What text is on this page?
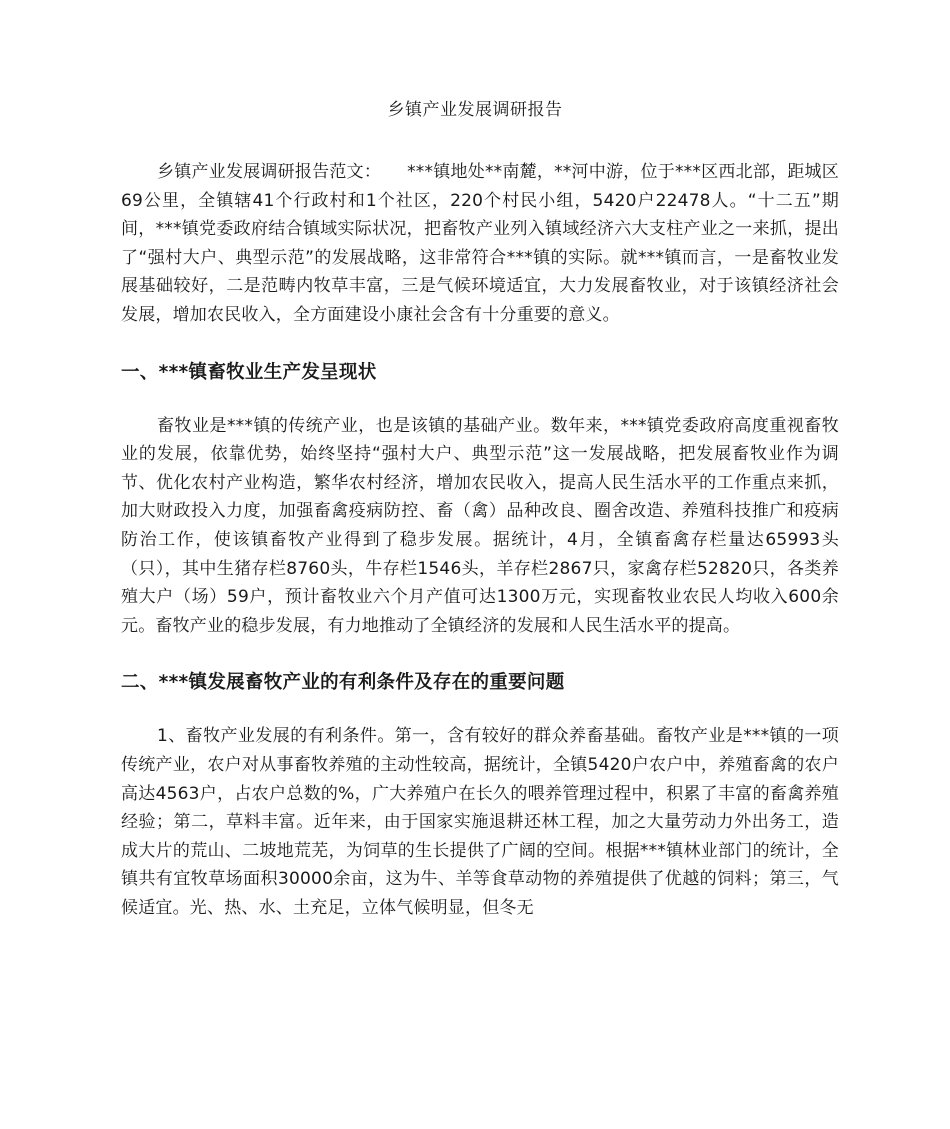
乡镇产业发展调研报告

乡镇产业发展调研报告范文：　　***镇地处**南麓，**河中游，位于***区西北部，距城区69公里，全镇辖41个行政村和1个社区，220个村民小组，5420户22478人。“十二五”期间，***镇党委政府结合镇域实际状况，把畜牧产业列入镇域经济六大支柱产业之一来抓，提出了“强村大户、典型示范”的发展战略，这非常符合***镇的实际。就***镇而言，一是畜牧业发展基础较好，二是范畴内牧草丰富，三是气候环境适宜，大力发展畜牧业，对于该镇经济社会发展，增加农民收入，全方面建设小康社会含有十分重要的意义。

一、***镇畜牧业生产发呈现状

畜牧业是***镇的传统产业，也是该镇的基础产业。数年来，***镇党委政府高度重视畜牧业的发展，依靠优势，始终坚持“强村大户、典型示范”这一发展战略，把发展畜牧业作为调节、优化农村产业构造，繁华农村经济，增加农民收入，提高人民生活水平的工作重点来抓，加大财政投入力度，加强畜禽疫病防控、畜（禽）品种改良、圈舍改造、养殖科技推广和疫病防治工作，使该镇畜牧产业得到了稳步发展。据统计，4月，全镇畜禽存栏量达65993头（只），其中生猪存栏8760头，牛存栏1546头，羊存栏2867只，家禽存栏52820只，各类养殖大户（场）59户，预计畜牧业六个月产值可达1300万元，实现畜牧业农民人均收入600余元。畜牧产业的稳步发展，有力地推动了全镇经济的发展和人民生活水平的提高。

二、***镇发展畜牧产业的有利条件及存在的重要问题

1、畜牧产业发展的有利条件。第一，含有较好的群众养畜基础。畜牧产业是***镇的一项传统产业，农户对从事畜牧养殖的主动性较高，据统计，全镇5420户农户中，养殖畜禽的农户高达4563户，占农户总数的%，广大养殖户在长久的喂养管理过程中，积累了丰富的畜禽养殖经验；第二，草料丰富。近年来，由于国家实施退耕还林工程，加之大量劳动力外出务工，造成大片的荒山、二坡地荒芜，为饲草的生长提供了广阔的空间。根据***镇林业部门的统计，全镇共有宜牧草场面积30000余亩，这为牛、羊等食草动物的养殖提供了优越的饲料；第三，气候适宜。光、热、水、土充足，立体气候明显，但冬无
